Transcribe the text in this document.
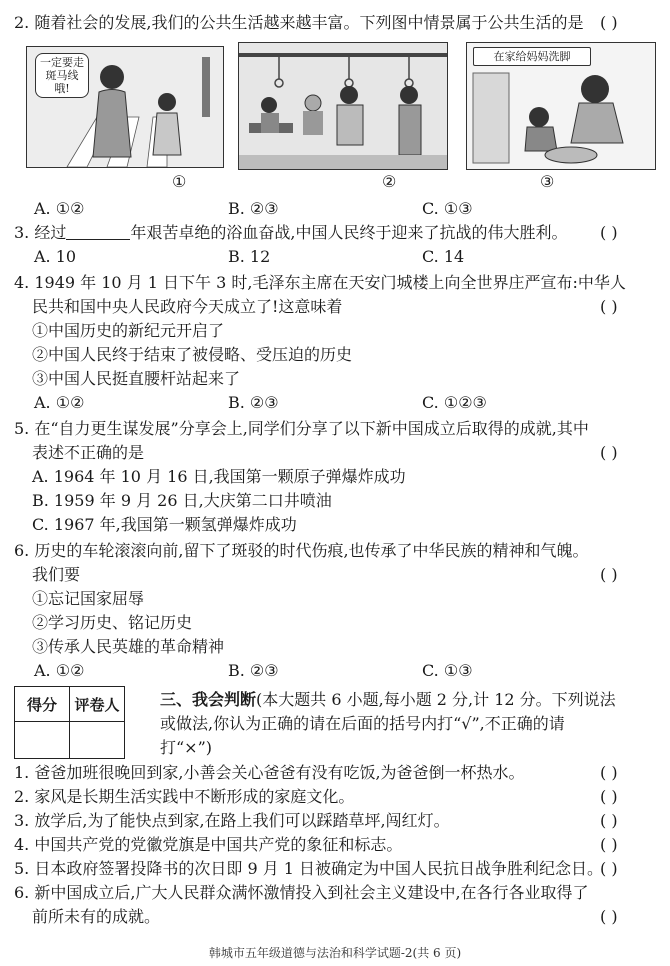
2. 随着社会的发展,我们的公共生活越来越丰富。下列图中情景属于公共生活的是 ( )
一定要走斑马线哦!
①	②
在家给妈妈洗脚
③
A. ①②	B. ②③	C. ①③
3. 经过	年艰苦卓绝的浴血奋战,中国人民终于迎来了抗战的伟大胜利。 ( )
A. 10	B. 12	C. 14
4. 1949 年 10 月 1 日下午 3 时,毛泽东主席在天安门城楼上向全世界庄严宣布:中华人
民共和国中央人民政府今天成立了!这意味着	( )
①中国历史的新纪元开启了
②中国人民终于结束了被侵略、受压迫的历史
③中国人民挺直腰杆站起来了
A. ①②	B. ②③	C. ①②③
5. 在“自力更生谋发展”分享会上,同学们分享了以下新中国成立后取得的成就,其中
表述不正确的是	( )
A. 1964 年 10 月 16 日,我国第一颗原子弹爆炸成功
B. 1959 年 9 月 26 日,大庆第二口井喷油
C. 1967 年,我国第一颗氢弹爆炸成功
6. 历史的车轮滚滚向前,留下了斑驳的时代伤痕,也传承了中华民族的精神和气魄。
我们要	( )
①忘记国家屈辱
②学习历史、铭记历史
③传承人民英雄的革命精神
A. ①②	B. ②③	C. ①③
得分	评卷人
		三、我会判断(本大题共 6 小题,每小题 2 分,计 12 分。下列说法
或做法,你认为正确的请在后面的括号内打“√”,不正确的请
打“×”)
1. 爸爸加班很晚回到家,小善会关心爸爸有没有吃饭,为爸爸倒一杯热水。	( )
2. 家风是长期生活实践中不断形成的家庭文化。	( )
3. 放学后,为了能快点到家,在路上我们可以踩踏草坪,闯红灯。	( )
4. 中国共产党的党徽党旗是中国共产党的象征和标志。	( )
5. 日本政府签署投降书的次日即 9 月 1 日被确定为中国人民抗日战争胜利纪念日。
( )
6. 新中国成立后,广大人民群众满怀激情投入到社会主义建设中,在各行各业取得了
前所未有的成就。	( )
韩城市五年级道德与法治和科学试题-2(共 6 页)
